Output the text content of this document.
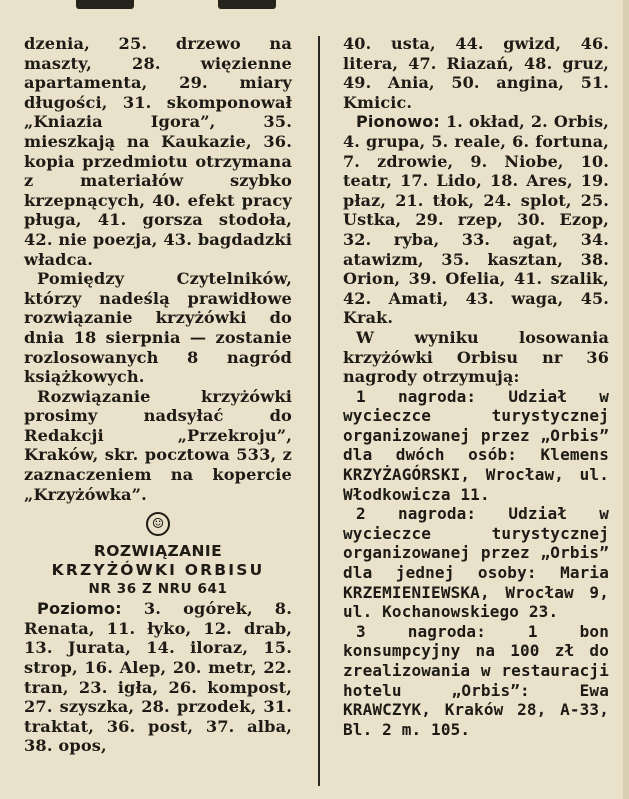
dzenia, 25. drzewo na maszty, 28. więzienne apartamenta, 29. miary długości, 31. skomponował „Kniazia Igora”, 35. mieszkają na Kaukazie, 36. kopia przedmiotu otrzymana z materiałów szybko krzepnących, 40. efekt pracy pługa, 41. gorsza stodoła, 42. nie poezja, 43. bagdadzki władca.

Pomiędzy Czytelników, którzy nadeślą prawidłowe rozwiązanie krzyżówki do dnia 18 sierpnia — zostanie rozlosowanych 8 nagród książkowych.

Rozwiązanie krzyżówki prosimy nadsyłać do Redakcji „Przekroju”, Kraków, skr. pocztowa 533, z zaznaczeniem na kopercie „Krzyżówka”.

☺
ROZWIĄZANIE
KRZYŻÓWKI ORBISU
NR 36 Z NRU 641

Poziomo: 3. ogórek, 8. Renata, 11. łyko, 12. drab, 13. Jurata, 14. iloraz, 15. strop, 16. Alep, 20. metr, 22. tran, 23. igła, 26. kompost, 27. szyszka, 28. przodek, 31. traktat, 36. post, 37. alba, 38. opos,

40. usta, 44. gwizd, 46. litera, 47. Riazań, 48. gruz, 49. Ania, 50. angina, 51. Kmicic.

Pionowo: 1. okład, 2. Orbis, 4. grupa, 5. reale, 6. fortuna, 7. zdrowie, 9. Niobe, 10. teatr, 17. Lido, 18. Ares, 19. płaz, 21. tłok, 24. splot, 25. Ustka, 29. rzep, 30. Ezop, 32. ryba, 33. agat, 34. atawizm, 35. kasztan, 38. Orion, 39. Ofelia, 41. szalik, 42. Amati, 43. waga, 45. Krak.

W wyniku losowania krzyżówki Orbisu nr 36 nagrody otrzymują:

1 nagroda: Udział w wycieczce turystycznej organizowanej przez „Orbis” dla dwóch osób: Klemens KRZYŻAGÓRSKI, Wrocław, ul. Włodkowicza 11.

2 nagroda: Udział w wycieczce turystycznej organizowanej przez „Orbis” dla jednej osoby: Maria KRZEMIENIEWSKA, Wrocław 9, ul. Kochanowskiego 23.

3 nagroda: 1 bon konsumpcyjny na 100 zł do zrealizowania w restauracji hotelu „Orbis”: Ewa KRAWCZYK, Kraków 28, A-33, Bl. 2 m. 105.
